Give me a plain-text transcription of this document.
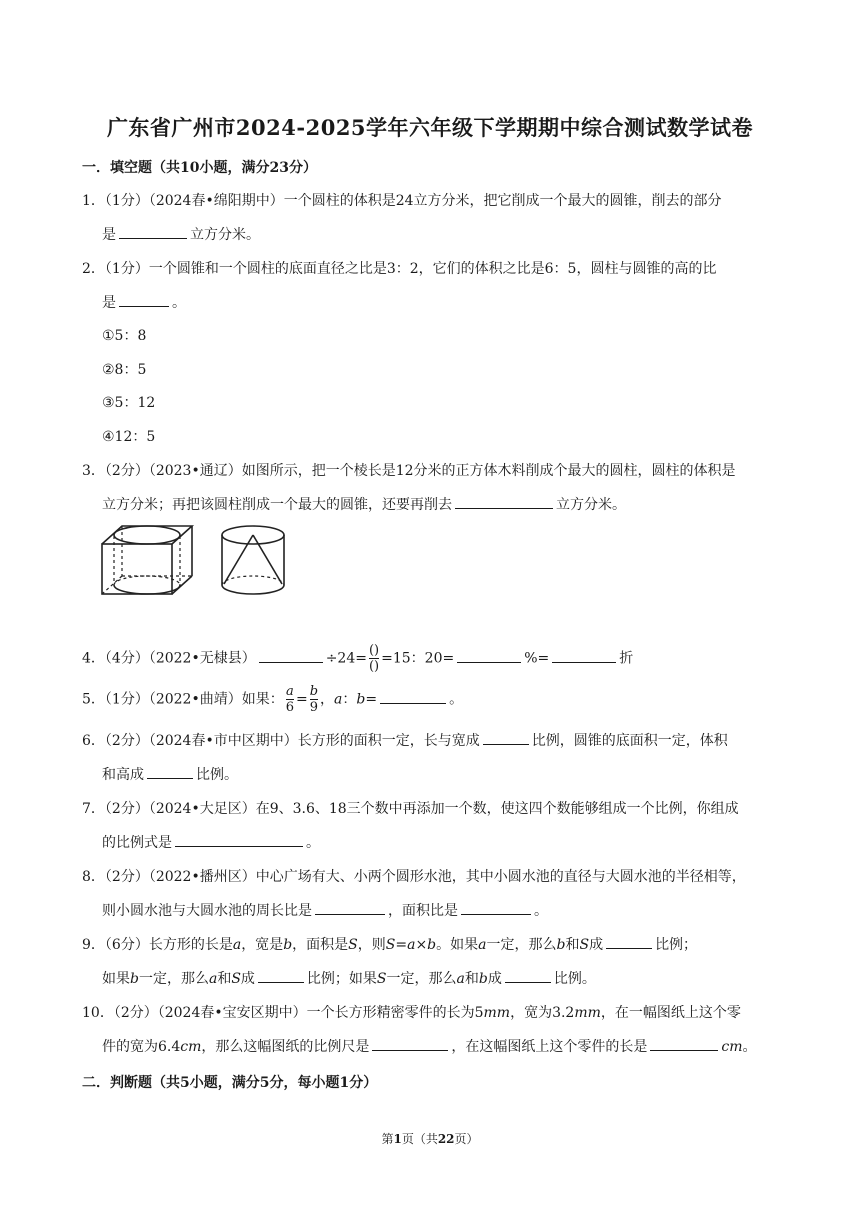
广东省广州市2024-2025学年六年级下学期期中综合测试数学试卷
一．填空题（共10小题，满分23分）
1．（1分）（2024春•绵阳期中）一个圆柱的体积是24立方分米，把它削成一个最大的圆锥，削去的部分
是	立方分米。
2．（1分）一个圆锥和一个圆柱的底面直径之比是3：2，它们的体积之比是6：5，圆柱与圆锥的高的比
是	。
①5：8
②8：5
③5：12
④12：5
3．（2分）（2023•通辽）如图所示，把一个棱长是12分米的正方体木料削成个最大的圆柱，圆柱的体积是
立方分米；再把该圆柱削成一个最大的圆锥，还要再削去	立方分米。
4．（4分）（2022•无棣县）	$\div 24= \frac{()}{()} =15$：20=	%=	折
5．（1分）（2022•曲靖）如果： $\frac{a}{6} = \frac{b}{9}$ ，a：b=	。
6．（2分）（2024春•市中区期中）长方形的面积一定，长与宽成	比例，圆锥的底面积一定，体积
和高成	比例。
7．（2分）（2024•大足区）在9、3.6、18三个数中再添加一个数，使这四个数能够组成一个比例，你组成
的比例式是	。
8．（2分）（2022•播州区）中心广场有大、小两个圆形水池，其中小圆水池的直径与大圆水池的半径相等，
则小圆水池与大圆水池的周长比是	，面积比是	。
9．（6分）长方形的长是a，宽是b，面积是S，则S=a×b。如果a一定，那么b和S成	比例；
如果b一定，那么a和S成	比例；如果S一定，那么a和b成	比例。
10．（2分）（2024春•宝安区期中）一个长方形精密零件的长为5mm，宽为3.2mm，在一幅图纸上这个零
件的宽为6.4cm，那么这幅图纸的比例尺是	，在这幅图纸上这个零件的长是	cm。
二．判断题（共5小题，满分5分，每小题1分）
第1页（共22页）
